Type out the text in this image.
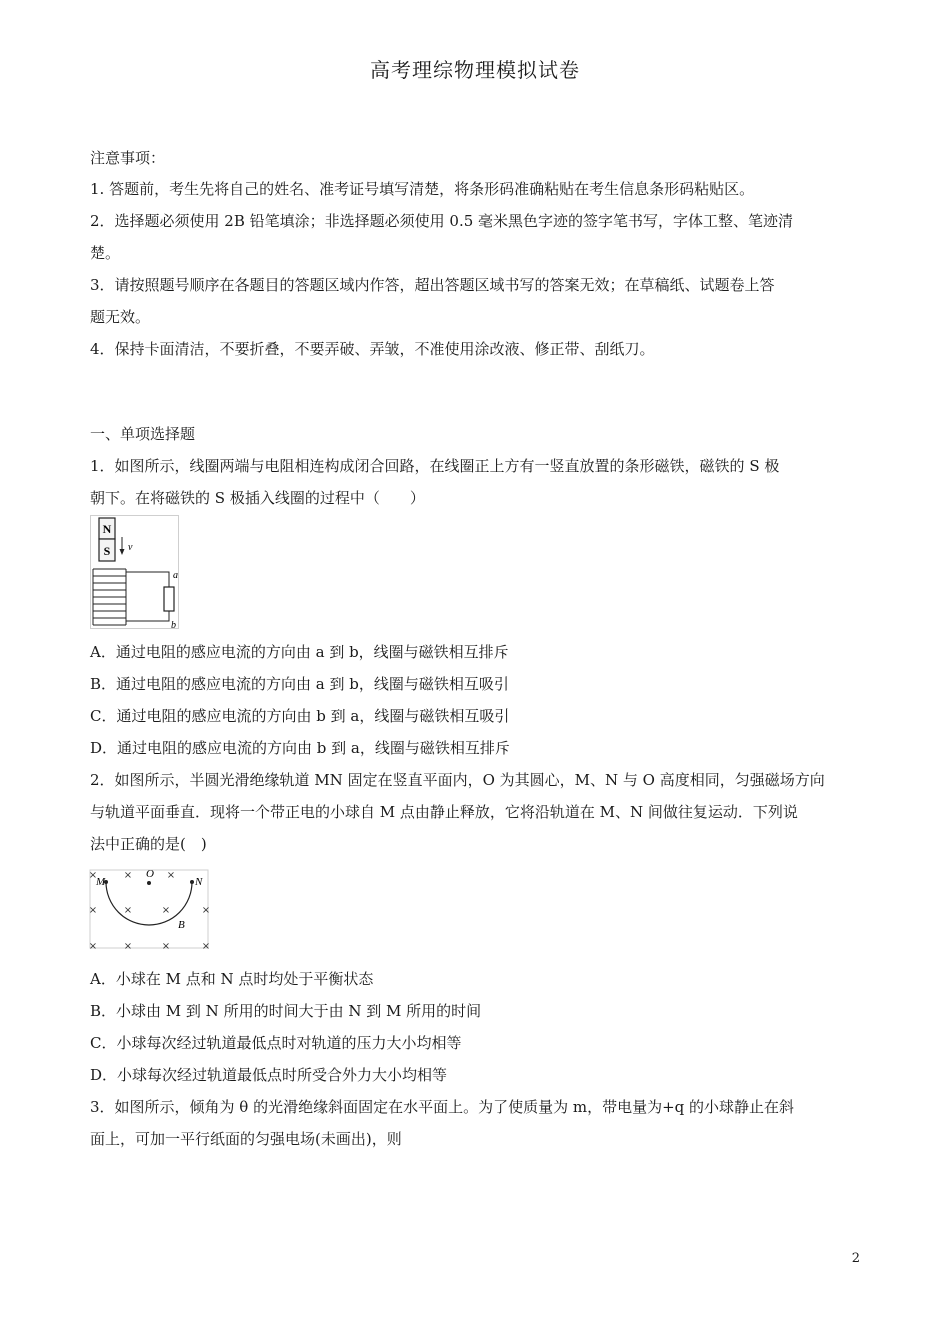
高考理综物理模拟试卷
注意事项：
1. 答题前，考生先将自己的姓名、准考证号填写清楚，将条形码准确粘贴在考生信息条形码粘贴区。
2．选择题必须使用 2B 铅笔填涂；非选择题必须使用 0.5 毫米黑色字迹的签字笔书写，字体工整、笔迹清
楚。
3．请按照题号顺序在各题目的答题区域内作答，超出答题区域书写的答案无效；在草稿纸、试题卷上答
题无效。
4．保持卡面清洁，不要折叠，不要弄破、弄皱，不准使用涂改液、修正带、刮纸刀。
一、单项选择题
1．如图所示，线圈两端与电阻相连构成闭合回路，在线圈正上方有一竖直放置的条形磁铁，磁铁的 S 极
朝下。在将磁铁的 S 极插入线圈的过程中（　　）
N
S v
a
b
A．通过电阻的感应电流的方向由 a 到 b，线圈与磁铁相互排斥
B．通过电阻的感应电流的方向由 a 到 b，线圈与磁铁相互吸引
C．通过电阻的感应电流的方向由 b 到 a，线圈与磁铁相互吸引
D．通过电阻的感应电流的方向由 b 到 a，线圈与磁铁相互排斥
2．如图所示，半圆光滑绝缘轨道 MN 固定在竖直平面内，O 为其圆心，M、N 与 O 高度相同，匀强磁场方向
与轨道平面垂直．现将一个带正电的小球自 M 点由静止释放，它将沿轨道在 M、N 间做往复运动．下列说
法中正确的是(　)
×	×	×
×	×	×	×
×	×	×	×
M
O
N
B
A．小球在 M 点和 N 点时均处于平衡状态
B．小球由 M 到 N 所用的时间大于由 N 到 M 所用的时间
C．小球每次经过轨道最低点时对轨道的压力大小均相等
D．小球每次经过轨道最低点时所受合外力大小均相等
3．如图所示，倾角为 θ 的光滑绝缘斜面固定在水平面上。为了使质量为 m，带电量为+q 的小球静止在斜
面上，可加一平行纸面的匀强电场(未画出)，则
2
